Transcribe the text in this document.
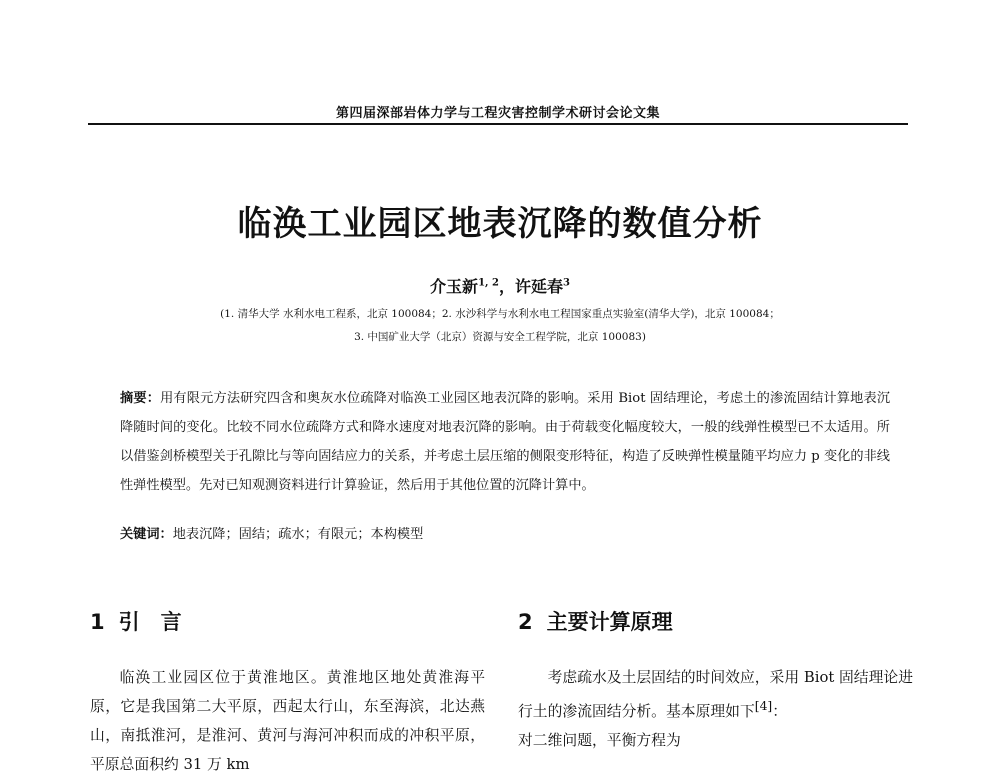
第四届深部岩体力学与工程灾害控制学术研讨会论文集
临涣工业园区地表沉降的数值分析
介玉新$^{1, 2}$，许延春$^3$
(1. 清华大学 水利水电工程系，北京 100084；2. 水沙科学与水利水电工程国家重点实验室(清华大学)，北京 100084；
3. 中国矿业大学（北京）资源与安全工程学院，北京 100083)
摘要：用有限元方法研究四含和奥灰水位疏降对临涣工业园区地表沉降的影响。采用 Biot 固结理论，考虑土的渗流固结计算地表沉降随时间的变化。比较不同水位疏降方式和降水速度对地表沉降的影响。由于荷载变化幅度较大，一般的线弹性模型已不太适用。所以借鉴剑桥模型关于孔隙比与等向固结应力的关系，并考虑土层压缩的侧限变形特征，构造了反映弹性模量随平均应力 p 变化的非线性弹性模型。先对已知观测资料进行计算验证，然后用于其他位置的沉降计算中。
关键词：地表沉降；固结；疏水；有限元；本构模型
1 引　言	2 主要计算原理

临涣工业园区位于黄淮地区。黄淮地区地处黄淮海平原，它是我国第二大平原，西起太行山，东至海滨，北达燕山，南抵淮河，是淮河、黄河与海河冲积而成的冲积平原，平原总面积约 31 万 km

考虑疏水及土层固结的时间效应，采用 Biot 固结理论进行土的渗流固结分析。基本原理如下[4]：

对二维问题，平衡方程为
